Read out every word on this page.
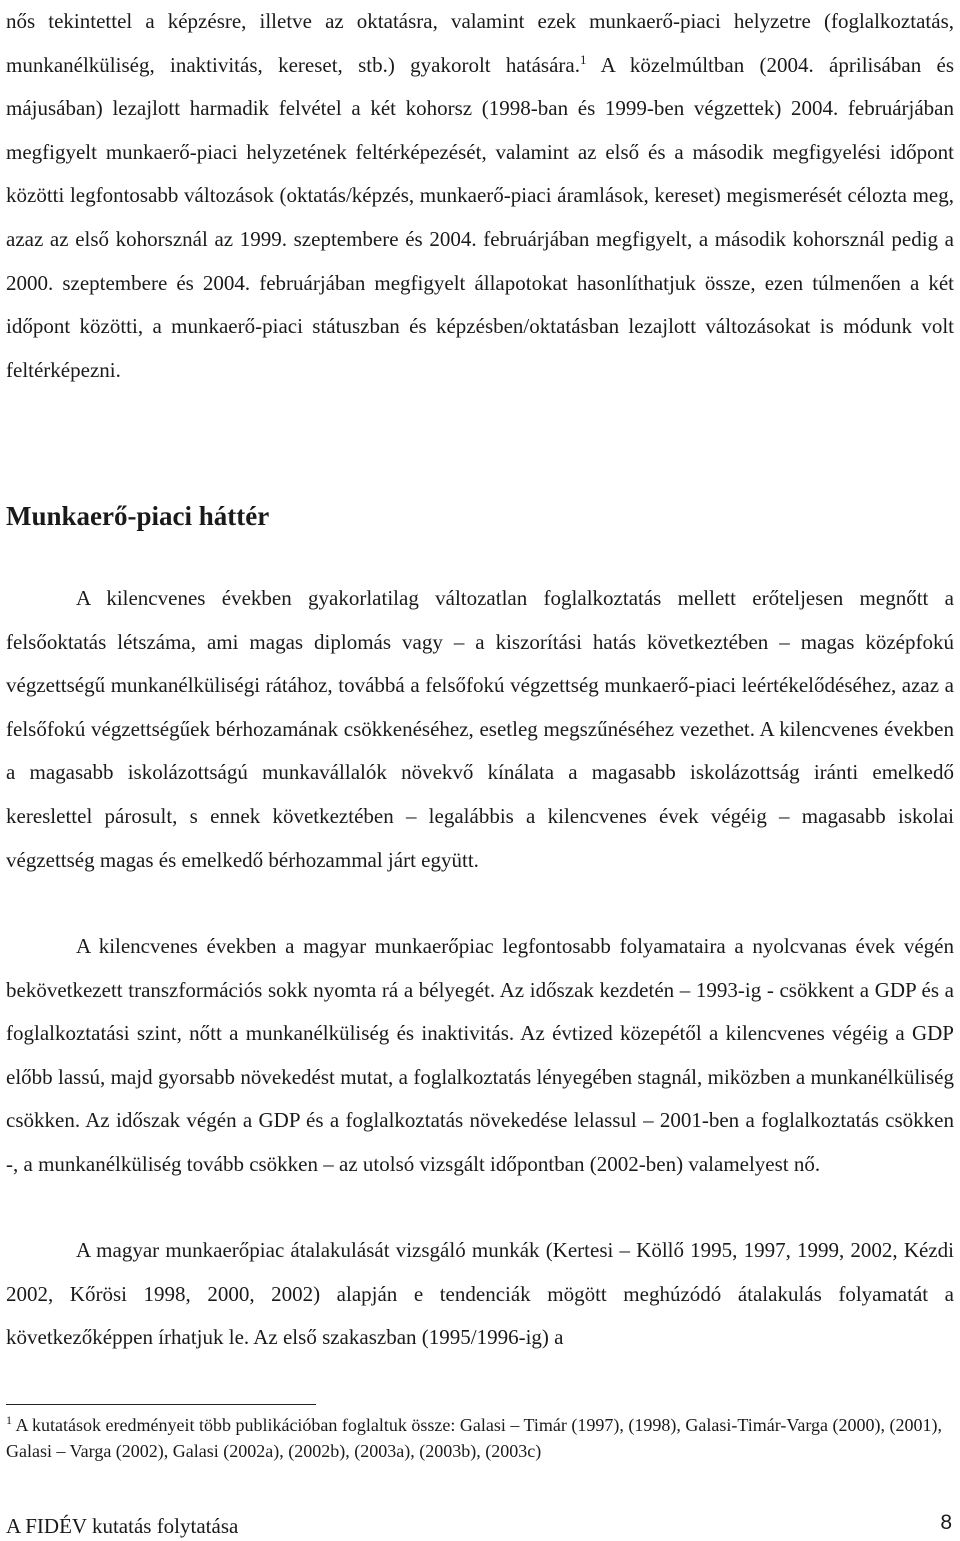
nős tekintettel a képzésre, illetve az oktatásra, valamint ezek munkaerő-piaci helyzetre (foglalkoztatás, munkanélküliség, inaktivitás, kereset, stb.) gyakorolt hatására.$^1$ A közelmúltban (2004. áprilisában és májusában) lezajlott harmadik felvétel a két kohorsz (1998-ban és 1999-ben végzettek) 2004. februárjában megfigyelt munkaerő-piaci helyzetének feltérképezését, valamint az első és a második megfigyelési időpont közötti legfontosabb változások (oktatás/képzés, munkaerő-piaci áramlások, kereset) megismerését célozta meg, azaz az első kohorsznál az 1999. szeptembere és 2004. februárjában megfigyelt, a második kohorsznál pedig a 2000. szeptembere és 2004. februárjában megfigyelt állapotokat hasonlíthatjuk össze, ezen túlmenően a két időpont közötti, a munkaerő-piaci státuszban és képzésben/oktatásban lezajlott változásokat is módunk volt feltérképezni.

Munkaerő-piaci háttér

A kilencvenes években gyakorlatilag változatlan foglalkoztatás mellett erőteljesen megnőtt a felsőoktatás létszáma, ami magas diplomás vagy – a kiszorítási hatás következtében – magas középfokú végzettségű munkanélküliségi rátához, továbbá a felsőfokú végzettség munkaerő-piaci leértékelődéséhez, azaz a felsőfokú végzettségűek bérhozamának csökkenéséhez, esetleg megszűnéséhez vezethet. A kilencvenes években a magasabb iskolázottságú munkavállalók növekvő kínálata a magasabb iskolázottság iránti emelkedő kereslettel párosult, s ennek következtében – legalábbis a kilencvenes évek végéig – magasabb iskolai végzettség magas és emelkedő bérhozammal járt együtt.

A kilencvenes években a magyar munkaerőpiac legfontosabb folyamataira a nyolcvanas évek végén bekövetkezett transzformációs sokk nyomta rá a bélyegét. Az időszak kezdetén – 1993-ig - csökkent a GDP és a foglalkoztatási szint, nőtt a munkanélküliség és inaktivitás. Az évtized közepétől a kilencvenes végéig a GDP előbb lassú, majd gyorsabb növekedést mutat, a foglalkoztatás lényegében stagnál, miközben a munkanélküliség csökken. Az időszak végén a GDP és a foglalkoztatás növekedése lelassul – 2001-ben a foglalkoztatás csökken -, a munkanélküliség tovább csökken – az utolsó vizsgált időpontban (2002-ben) valamelyest nő.

A magyar munkaerőpiac átalakulását vizsgáló munkák (Kertesi – Köllő 1995, 1997, 1999, 2002, Kézdi 2002, Kőrösi 1998, 2000, 2002) alapján e tendenciák mögött meghúzódó átalakulás folyamatát a következőképpen írhatjuk le. Az első szakaszban (1995/1996-ig) a

$^1$ A kutatások eredményeit több publikációban foglaltuk össze: Galasi – Timár (1997), (1998), Galasi-Timár-Varga (2000), (2001), Galasi – Varga (2002), Galasi (2002a), (2002b), (2003a), (2003b), (2003c)

A FIDÉV kutatás folytatása	8
